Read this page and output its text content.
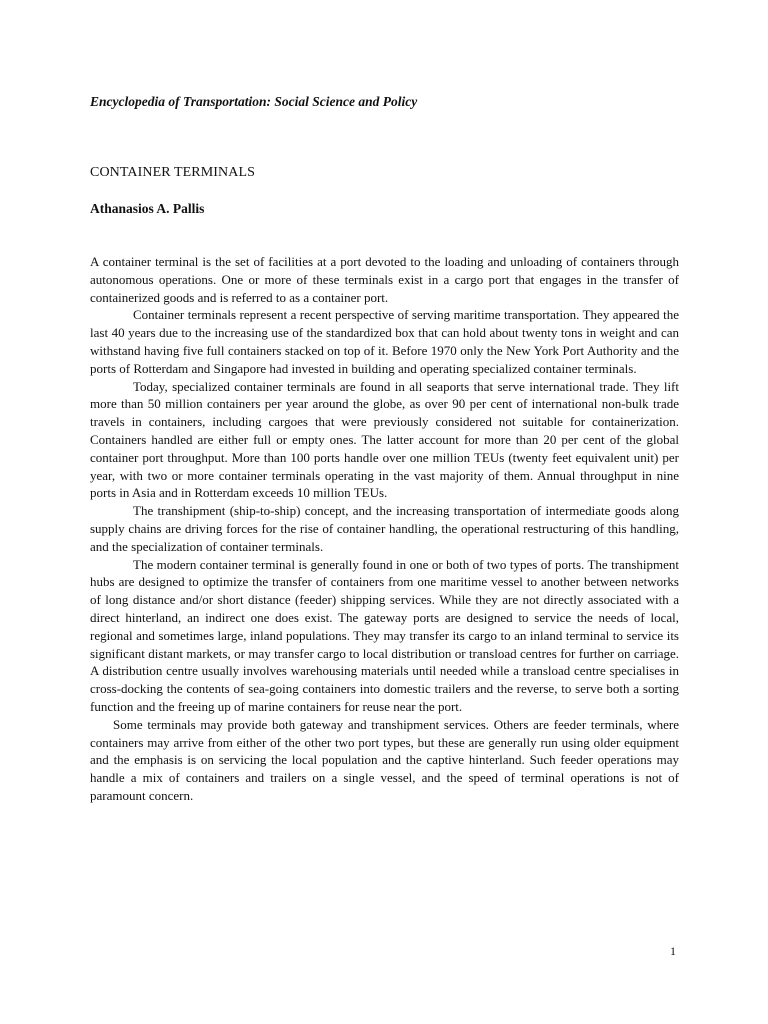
Encyclopedia of Transportation: Social Science and Policy
CONTAINER TERMINALS
Athanasios A. Pallis

A container terminal is the set of facilities at a port devoted to the loading and unloading of containers through autonomous operations. One or more of these terminals exist in a cargo port that engages in the transfer of containerized goods and is referred to as a container port.

Container terminals represent a recent perspective of serving maritime transportation. They appeared the last 40 years due to the increasing use of the standardized box that can hold about twenty tons in weight and can withstand having five full containers stacked on top of it. Before 1970 only the New York Port Authority and the ports of Rotterdam and Singapore had invested in building and operating specialized container terminals.

Today, specialized container terminals are found in all seaports that serve international trade. They lift more than 50 million containers per year around the globe, as over 90 per cent of international non-bulk trade travels in containers, including cargoes that were previously considered not suitable for containerization. Containers handled are either full or empty ones. The latter account for more than 20 per cent of the global container port throughput. More than 100 ports handle over one million TEUs (twenty feet equivalent unit) per year, with two or more container terminals operating in the vast majority of them. Annual throughput in nine ports in Asia and in Rotterdam exceeds 10 million TEUs.

The transhipment (ship-to-ship) concept, and the increasing transportation of intermediate goods along supply chains are driving forces for the rise of container handling, the operational restructuring of this handling, and the specialization of container terminals.

The modern container terminal is generally found in one or both of two types of ports. The transhipment hubs are designed to optimize the transfer of containers from one maritime vessel to another between networks of long distance and/or short distance (feeder) shipping services. While they are not directly associated with a direct hinterland, an indirect one does exist. The gateway ports are designed to service the needs of local, regional and sometimes large, inland populations. They may transfer its cargo to an inland terminal to service its significant distant markets, or may transfer cargo to local distribution or transload centres for further on carriage. A distribution centre usually involves warehousing materials until needed while a transload centre specialises in cross-docking the contents of sea-going containers into domestic trailers and the reverse, to serve both a sorting function and the freeing up of marine containers for reuse near the port.

Some terminals may provide both gateway and transhipment services. Others are feeder terminals, where containers may arrive from either of the other two port types, but these are generally run using older equipment and the emphasis is on servicing the local population and the captive hinterland. Such feeder operations may handle a mix of containers and trailers on a single vessel, and the speed of terminal operations is not of paramount concern.

1
